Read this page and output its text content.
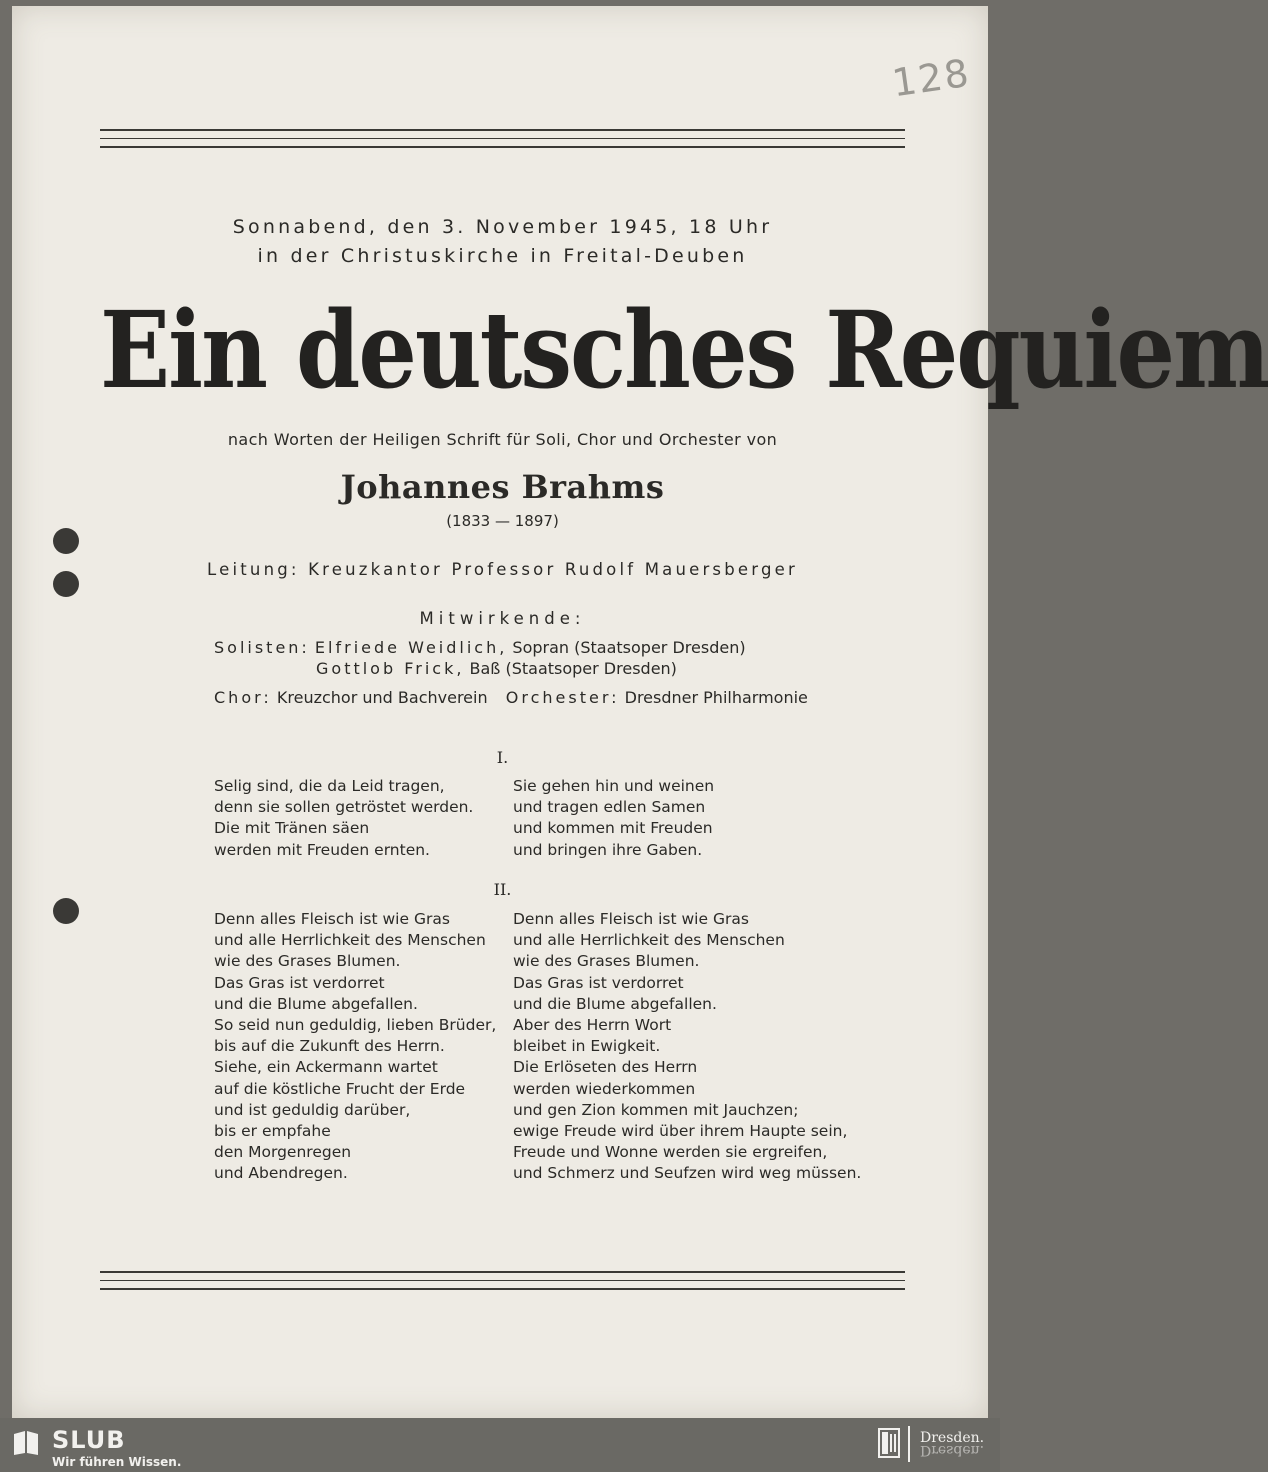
128
Sonnabend, den 3. November 1945, 18 Uhr
in der Christuskirche in Freital-Deuben
Ein deutsches Requiem
nach Worten der Heiligen Schrift für Soli, Chor und Orchester von
Johannes Brahms
(1833 — 1897)
Leitung: Kreuzkantor Professor Rudolf Mauersberger
Mitwirkende:
Solisten: Elfriede Weidlich, Sopran (Staatsoper Dresden)
Gottlob Frick, Baß (Staatsoper Dresden)
Chor: Kreuzchor und Bachverein Orchester: Dresdner Philharmonie
I.
Selig sind, die da Leid tragen,
denn sie sollen getröstet werden.
Die mit Tränen säen
werden mit Freuden ernten.
Sie gehen hin und weinen
und tragen edlen Samen
und kommen mit Freuden
und bringen ihre Gaben.
II.
Denn alles Fleisch ist wie Gras
und alle Herrlichkeit des Menschen
wie des Grases Blumen.
Das Gras ist verdorret
und die Blume abgefallen.
So seid nun geduldig, lieben Brüder,
bis auf die Zukunft des Herrn.
Siehe, ein Ackermann wartet
auf die köstliche Frucht der Erde
und ist geduldig darüber,
bis er empfahe
den Morgenregen
und Abendregen.
Denn alles Fleisch ist wie Gras
und alle Herrlichkeit des Menschen
wie des Grases Blumen.
Das Gras ist verdorret
und die Blume abgefallen.
Aber des Herrn Wort
bleibet in Ewigkeit.
Die Erlöseten des Herrn
werden wiederkommen
und gen Zion kommen mit Jauchzen;
ewige Freude wird über ihrem Haupte sein,
Freude und Wonne werden sie ergreifen,
und Schmerz und Seufzen wird weg müssen.
SLUB
Wir führen Wissen.
Dresden.
Dresden.
